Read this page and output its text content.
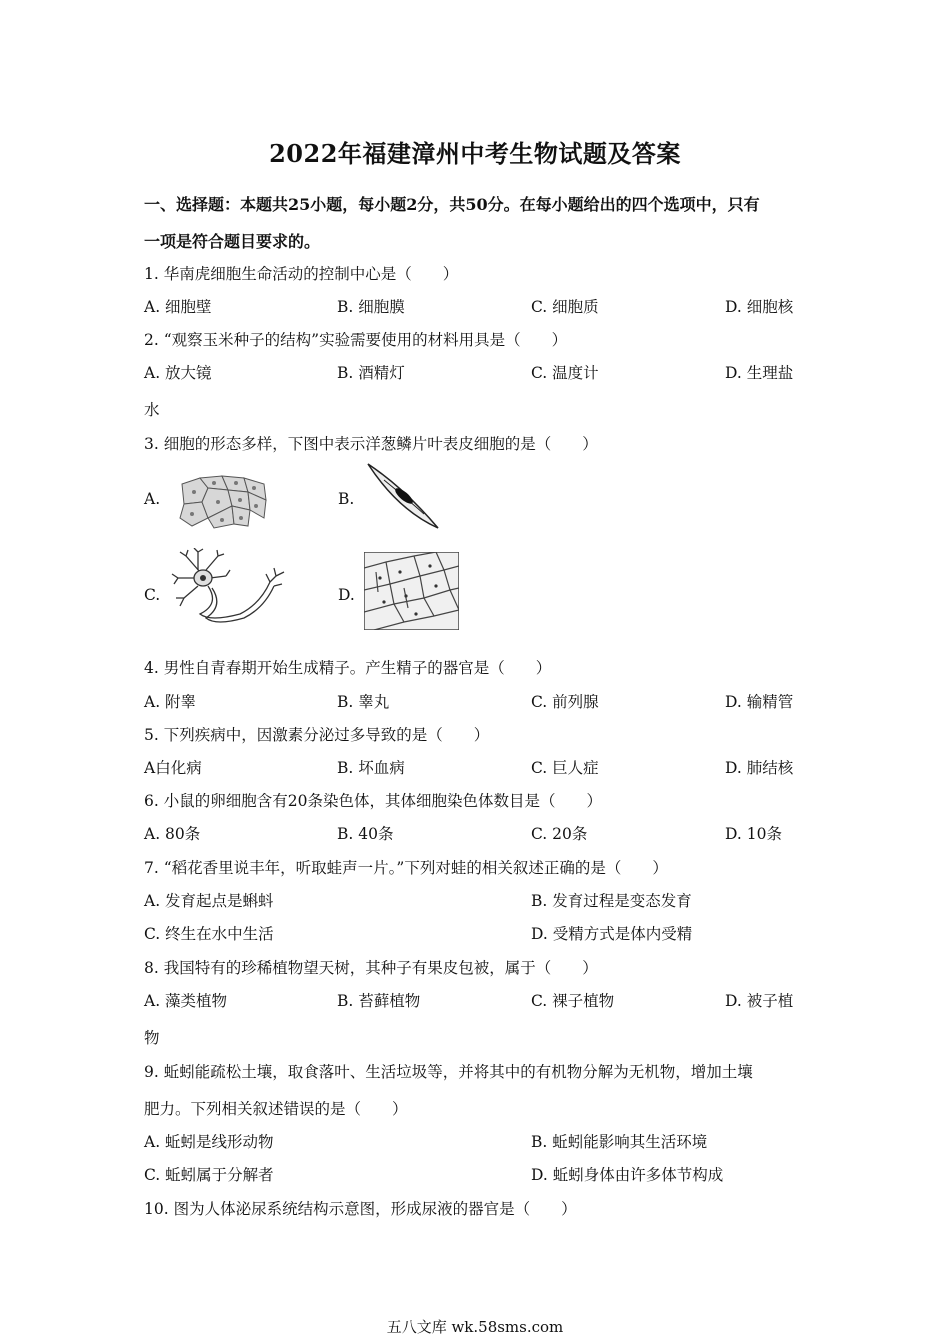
2022年福建漳州中考生物试题及答案
一、选择题：本题共25小题，每小题2分，共50分。在每小题给出的四个选项中，只有
一项是符合题目要求的。
1. 华南虎细胞生命活动的控制中心是（　　）
A. 细胞壁	B. 细胞膜	C. 细胞质	D. 细胞核
2. “观察玉米种子的结构”实验需要使用的材料用具是（　　）
A. 放大镜	B. 酒精灯	C. 温度计	D. 生理盐
水
3. 细胞的形态多样，下图中表示洋葱鳞片叶表皮细胞的是（　　）
A.	B.
C.	D.
4. 男性自青春期开始生成精子。产生精子的器官是（　　）
A. 附睾	B. 睾丸	C. 前列腺	D. 输精管
5. 下列疾病中，因激素分泌过多导致的是（　　）
A白化病	B. 坏血病	C. 巨人症	D. 肺结核
6. 小鼠的卵细胞含有20条染色体，其体细胞染色体数目是（　　）
A. 80条	B. 40条	C. 20条	D. 10条
7. “稻花香里说丰年，听取蛙声一片。”下列对蛙的相关叙述正确的是（　　）
A. 发育起点是蝌蚪	B. 发育过程是变态发育
C. 终生在水中生活	D. 受精方式是体内受精
8. 我国特有的珍稀植物望天树，其种子有果皮包被，属于（　　）
A. 藻类植物	B. 苔藓植物	C. 裸子植物	D. 被子植
物
9. 蚯蚓能疏松土壤，取食落叶、生活垃圾等，并将其中的有机物分解为无机物，增加土壤
肥力。下列相关叙述错误的是（　　）
A. 蚯蚓是线形动物	B. 蚯蚓能影响其生活环境
C. 蚯蚓属于分解者	D. 蚯蚓身体由许多体节构成
10. 图为人体泌尿系统结构示意图，形成尿液的器官是（　　）
五八文库 wk.58sms.com
